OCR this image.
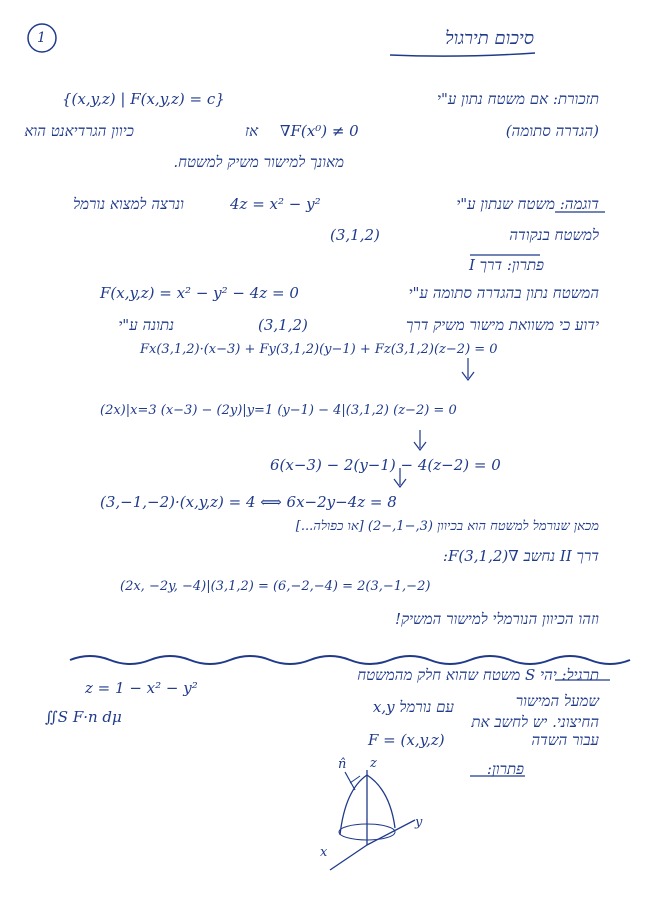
1	סיכום תירגול
תזכורת: אם משטח נתון ע"י
{(x,y,z) | F(x,y,z) = c}
(הגדרה סתומה)
∇F(x⁰) ≠ 0
אז
כיוון הגרדיאנט הוא
מאונך למישור משיק למשטח.
דוגמה: משטח שנתון ע"י
4z = x² − y²
ונרצה למצוא נורמל
למשטח בנקודה
(3,1,2)
פתרון: דרך I
המשטח נתון בהגדרה סתומה ע"י
F(x,y,z) = x² − y² − 4z = 0
ידוע כי משוואת מישור משיק דרך
(3,1,2)
נתונה ע"י
Fx(3,1,2)·(x−3) + Fy(3,1,2)(y−1) + Fz(3,1,2)(z−2) = 0
(2x)|x=3 (x−3) − (2y)|y=1 (y−1) − 4|(3,1,2) (z−2) = 0
6(x−3) − 2(y−1) − 4(z−2) = 0
(3,−1,−2)·(x,y,z) = 4 ⟺ 6x−2y−4z = 8
מכאן שנורמל למשטח הוא בכיוון (3,−1,−2) [או כפולה...]
דרך II נחשב ∇F(3,1,2):
(2x, −2y, −4)|(3,1,2) = (6,−2,−4) = 2(3,−1,−2)
וזהו הכיוון הנורמלי למישור המשיק!
תרגיל: יהי S משטח שהוא חלק מהמשטח
z = 1 − x² − y²
שמעל המישור
עם נורמל x,y
החיצוני. יש לחשב את
∬S F·n dμ
עבור השדה
F = (x,y,z)
פתרון:
z
n̂
y
x
